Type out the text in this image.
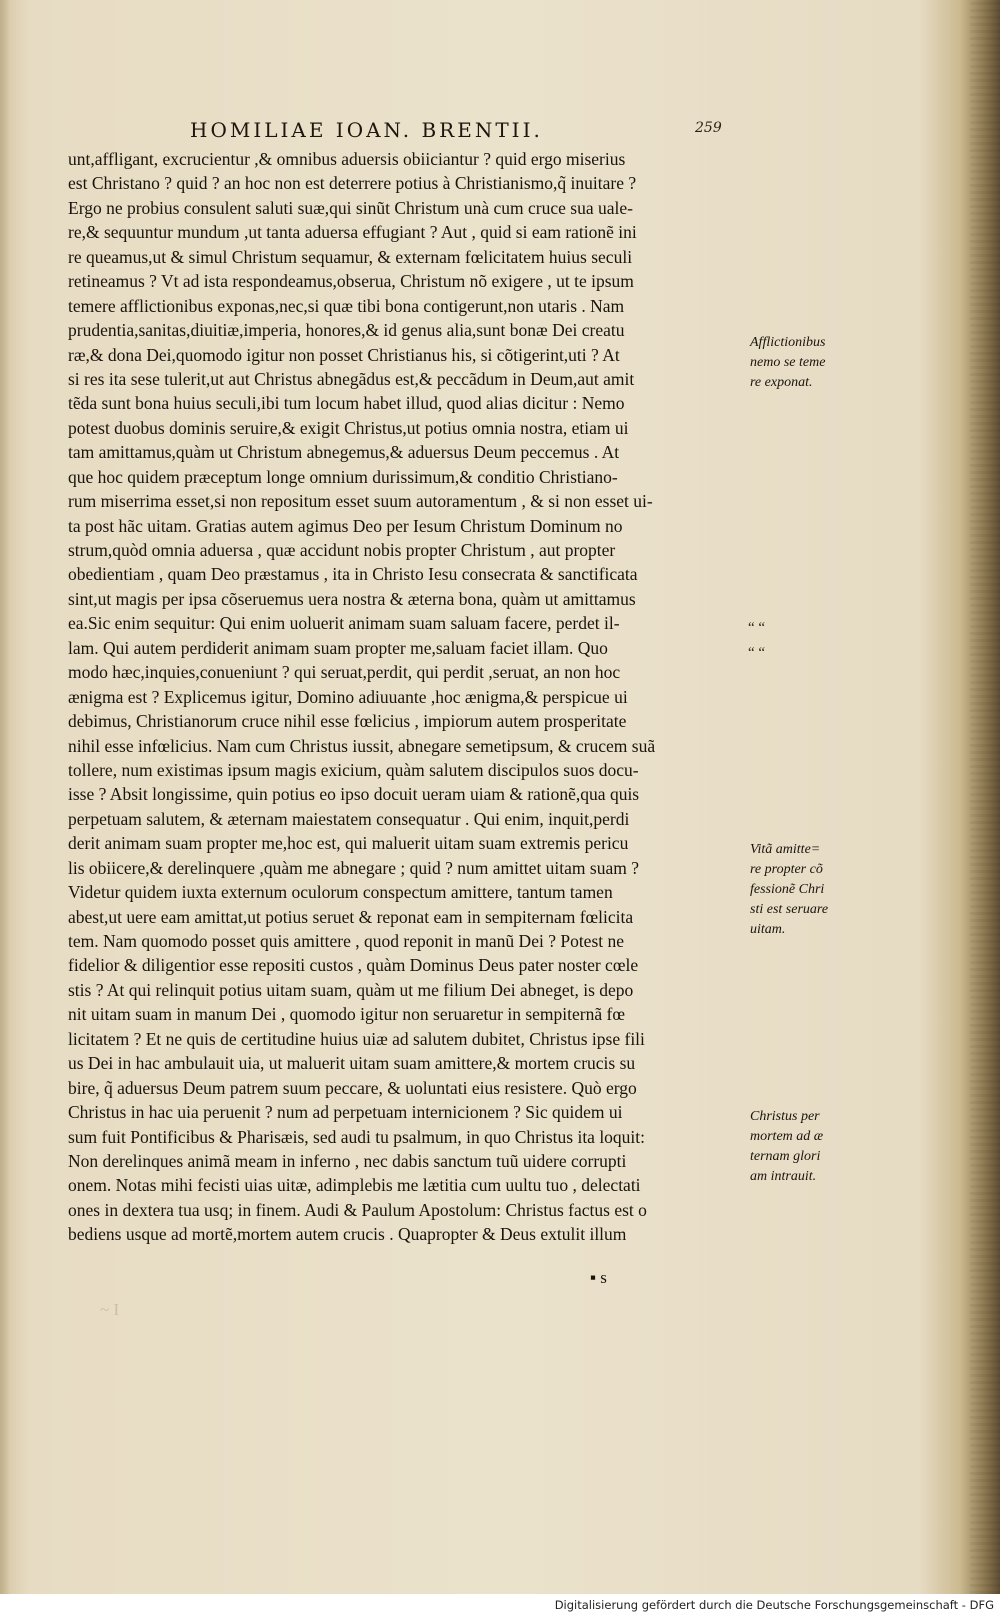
HOMILIAE IOAN. BRENTII.	259
unt,affligant, excrucientur ,& omnibus aduersis obiiciantur ? quid ergo miserius
est Christano ? quid ? an hoc non est deterrere potius à Christianismo,q̃ inuitare ?
Ergo ne probius consulent saluti suæ,qui sinũt Christum unà cum cruce sua uale-
re,& sequuntur mundum ,ut tanta aduersa effugiant ? Aut , quid si eam rationẽ ini
re queamus,ut & simul Christum sequamur, & externam fœlicitatem huius seculi
retineamus ? Vt ad ista respondeamus,obserua, Christum nõ exigere , ut te ipsum
temere afflictionibus exponas,nec,si quæ tibi bona contigerunt,non utaris . Nam
prudentia,sanitas,diuitiæ,imperia, honores,& id genus alia,sunt bonæ Dei creatu
ræ,& dona Dei,quomodo igitur non posset Christianus his, si cõtigerint,uti ? At
si res ita sese tulerit,ut aut Christus abnegãdus est,& peccãdum in Deum,aut amit
tẽda sunt bona huius seculi,ibi tum locum habet illud, quod alias dicitur : Nemo
potest duobus dominis seruire,& exigit Christus,ut potius omnia nostra, etiam ui
tam amittamus,quàm ut Christum abnegemus,& aduersus Deum peccemus . At
que hoc quidem præceptum longe omnium durissimum,& conditio Christiano-
rum miserrima esset,si non repositum esset suum autoramentum , & si non esset ui-
ta post hãc uitam. Gratias autem agimus Deo per Iesum Christum Dominum no
strum,quòd omnia aduersa , quæ accidunt nobis propter Christum , aut propter
obedientiam , quam Deo præstamus , ita in Christo Iesu consecrata & sanctificata
sint,ut magis per ipsa cõseruemus uera nostra & æterna bona, quàm ut amittamus
ea.Sic enim sequitur: Qui enim uoluerit animam suam saluam facere, perdet il-
lam. Qui autem perdiderit animam suam propter me,saluam faciet illam. Quo
modo hæc,inquies,conueniunt ? qui seruat,perdit, qui perdit ,seruat, an non hoc
ænigma est ? Explicemus igitur, Domino adiuuante ,hoc ænigma,& perspicue ui
debimus, Christianorum cruce nihil esse fœlicius , impiorum autem prosperitate
nihil esse infœlicius. Nam cum Christus iussit, abnegare semetipsum, & crucem suã
tollere, num existimas ipsum magis exicium, quàm salutem discipulos suos docu-
isse ? Absit longissime, quin potius eo ipso docuit ueram uiam & rationẽ,qua quis
perpetuam salutem, & æternam maiestatem consequatur . Qui enim, inquit,perdi
derit animam suam propter me,hoc est, qui maluerit uitam suam extremis pericu
lis obiicere,& derelinquere ,quàm me abnegare ; quid ? num amittet uitam suam ?
Videtur quidem iuxta externum oculorum conspectum amittere, tantum tamen
abest,ut uere eam amittat,ut potius seruet & reponat eam in sempiternam fœlicita
tem. Nam quomodo posset quis amittere , quod reponit in manũ Dei ? Potest ne
fidelior & diligentior esse repositi custos , quàm Dominus Deus pater noster cœle
stis ? At qui relinquit potius uitam suam, quàm ut me filium Dei abneget, is depo
nit uitam suam in manum Dei , quomodo igitur non seruaretur in sempiternã fœ
licitatem ? Et ne quis de certitudine huius uiæ ad salutem dubitet, Christus ipse fili
us Dei in hac ambulauit uia, ut maluerit uitam suam amittere,& mortem crucis su
bire, q̃ aduersus Deum patrem suum peccare, & uoluntati eius resistere. Quò ergo
Christus in hac uia peruenit ? num ad perpetuam internicionem ? Sic quidem ui
sum fuit Pontificibus & Pharisæis, sed audi tu psalmum, in quo Christus ita loquit:
Non derelinques animã meam in inferno , nec dabis sanctum tuũ uidere corrupti
onem. Notas mihi fecisti uias uitæ, adimplebis me lætitia cum uultu tuo , delectati
ones in dextera tua usq; in finem. Audi & Paulum Apostolum: Christus factus est o
bediens usque ad mortẽ,mortem autem crucis . Quapropter & Deus extulit illum
Afflictionibus
nemo se teme
re exponat.
“ “
“ “
Vitã amitte=
re propter cõ
fessionẽ Chri
sti est seruare
uitam.
Christus per
mortem ad æ
ternam glori
am intrauit.
▪ s
~ I
Digitalisierung gefördert durch die Deutsche Forschungsgemeinschaft - DFG
